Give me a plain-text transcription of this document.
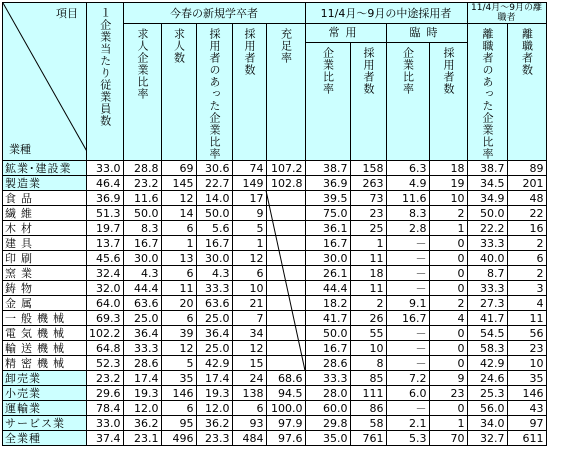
項目
業種	１企業当たり従業員数	今春の新規学卒者					11/4月～9月の中途採用者				11/4月～9月の離職者	

		求人企業比率	求人数	採用者のあった企業比率	採用者数	充足率	常用		臨時		離職者のあった企業比率	離職者数

							企業比率	採用者数	企業比率	採用者数		

鉱業･建設業	33.0	28.8	69	30.6	74	107.2	38.7	158	6.3	18	38.7	89
製造業	46.4	23.2	145	22.7	149	102.8	36.9	263	4.9	19	34.5	201
食品	36.9	11.6	12	14.0	17		39.5	73	11.6	10	34.9	48
繊維	51.3	50.0	14	50.0	9		75.0	23	8.3	2	50.0	22
木材	19.7	8.3	6	5.6	5		36.1	25	2.8	1	22.2	16
建具	13.7	16.7	1	16.7	1		16.7	1	－	0	33.3	2
印刷	45.6	30.0	13	30.0	12		30.0	11	－	0	40.0	6
窯業	32.4	4.3	6	4.3	6		26.1	18	－	0	8.7	2
鋳物	32.0	44.4	11	33.3	10		44.4	11	－	0	33.3	3
金属	64.0	63.6	20	63.6	21		18.2	2	9.1	2	27.3	4
一般機械	69.3	25.0	6	25.0	7		41.7	26	16.7	4	41.7	11
電気機械	102.2	36.4	39	36.4	34		50.0	55	－	0	54.5	56
輸送機械	64.8	33.3	12	25.0	12		16.7	10	－	0	58.3	23
精密機械	52.3	28.6	5	42.9	15		28.6	8	－	0	42.9	10
卸売業	23.2	17.4	35	17.4	24	68.6	33.3	85	7.2	9	24.6	35
小売業	29.6	19.3	146	19.3	138	94.5	28.0	111	6.0	23	25.3	146
運輸業	78.4	12.0	6	12.0	6	100.0	60.0	86	－	0	56.0	43
サービス業	33.0	36.2	95	36.2	93	97.9	29.8	58	2.1	1	34.0	97
全業種	37.4	23.1	496	23.3	484	97.6	35.0	761	5.3	70	32.7	611
